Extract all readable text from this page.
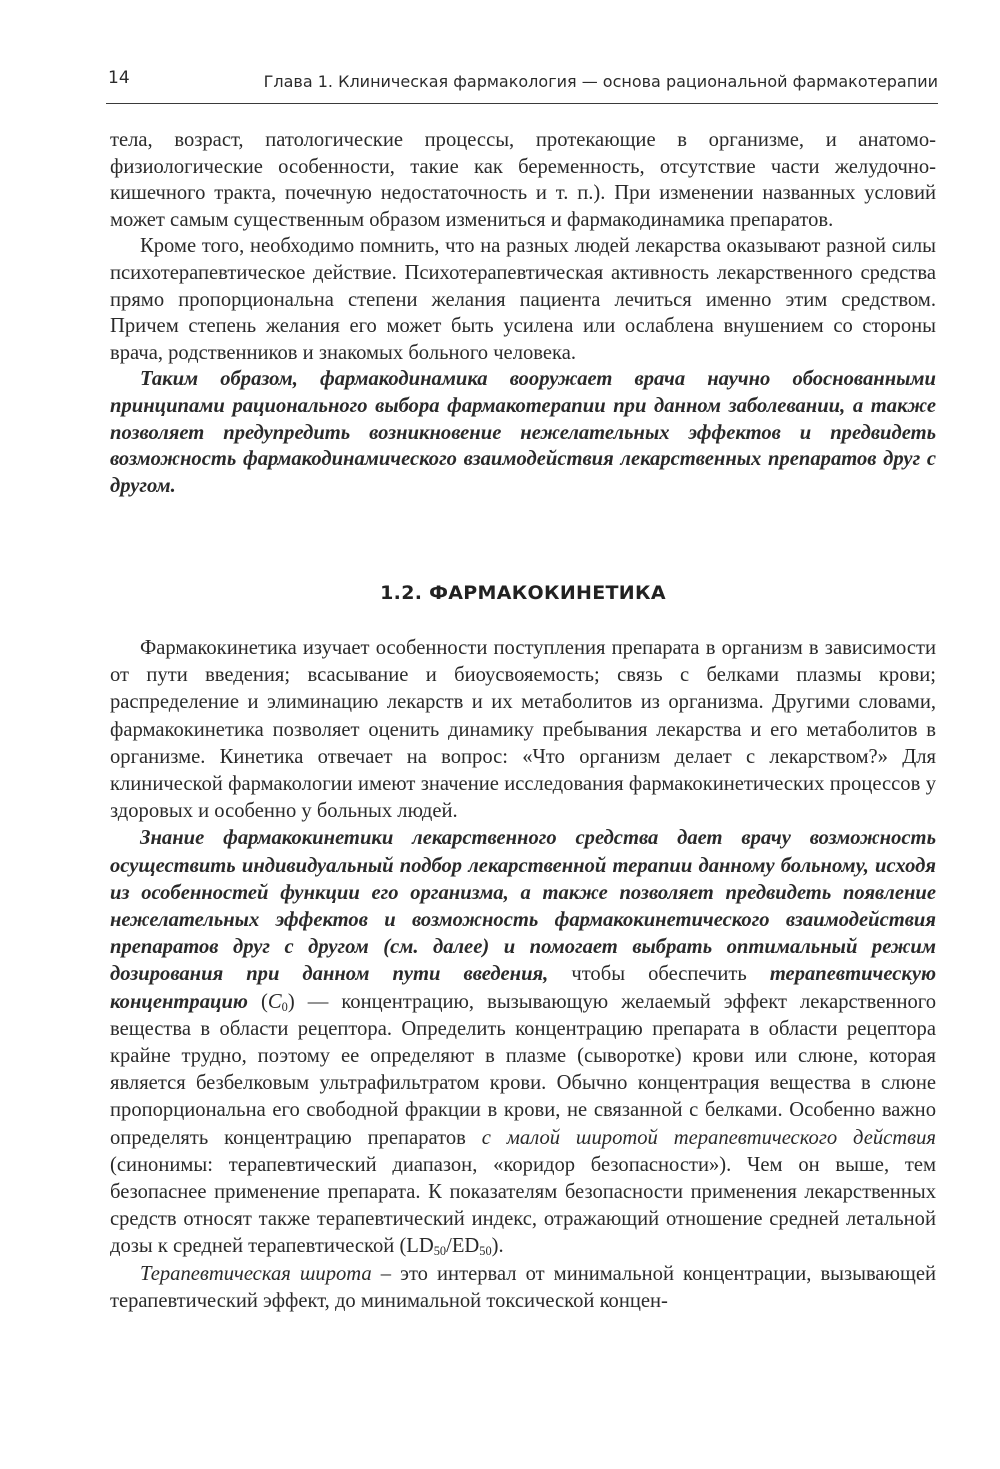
14	Глава 1. Клиническая фармакология — основа рациональной фармакотерапии

тела, возраст, патологические процессы, протекающие в организме, и анатомо-физиологические особенности, такие как беременность, отсутствие части желудочно-кишечного тракта, почечную недостаточность и т. п.). При изменении названных условий может самым существенным образом измениться и фармакодинамика препаратов.

Кроме того, необходимо помнить, что на разных людей лекарства оказывают разной силы психотерапевтическое действие. Психотерапевтическая активность лекарственного средства прямо пропорциональна степени желания пациента лечиться именно этим средством. Причем степень желания его может быть усилена или ослаблена внушением со стороны врача, родственников и знакомых больного человека.

Таким образом, фармакодинамика вооружает врача научно обоснованными принципами рационального выбора фармакотерапии при данном заболевании, а также позволяет предупредить возникновение нежелательных эффектов и предвидеть возможность фармакодинамического взаимодействия лекарственных препаратов друг с другом.

1.2. ФАРМАКОКИНЕТИКА

Фармакокинетика изучает особенности поступления препарата в организм в зависимости от пути введения; всасывание и биоусвояемость; связь с белками плазмы крови; распределение и элиминацию лекарств и их метаболитов из организма. Другими словами, фармакокинетика позволяет оценить динамику пребывания лекарства и его метаболитов в организме. Кинетика отвечает на вопрос: «Что организм делает с лекарством?» Для клинической фармакологии имеют значение исследования фармакокинетических процессов у здоровых и особенно у больных людей.

Знание фармакокинетики лекарственного средства дает врачу возможность осуществить индивидуальный подбор лекарственной терапии данному больному, исходя из особенностей функции его организма, а также позволяет предвидеть появление нежелательных эффектов и возможность фармакокинетического взаимодействия препаратов друг с другом (см. далее) и помогает выбрать оптимальный режим дозирования при данном пути введения, чтобы обеспечить терапевтическую концентрацию $(C_0)$ — концентрацию, вызывающую желаемый эффект лекарственного вещества в области рецептора. Определить концентрацию препарата в области рецептора крайне трудно, поэтому ее определяют в плазме (сыворотке) крови или слюне, которая является безбелковым ультрафильтратом крови. Обычно концентрация вещества в слюне пропорциональна его свободной фракции в крови, не связанной с белками. Особенно важно определять концентрацию препаратов с малой широтой терапевтического действия (синонимы: терапевтический диапазон, «коридор безопасности»). Чем он выше, тем безопаснее применение препарата. К показателям безопасности применения лекарственных средств относят также терапевтический индекс, отражающий отношение средней летальной дозы к средней терапевтической $(LD_{50}/ED_{50})$.

Терапевтическая широта – это интервал от минимальной концентрации, вызывающей терапевтический эффект, до минимальной токсической концен-
